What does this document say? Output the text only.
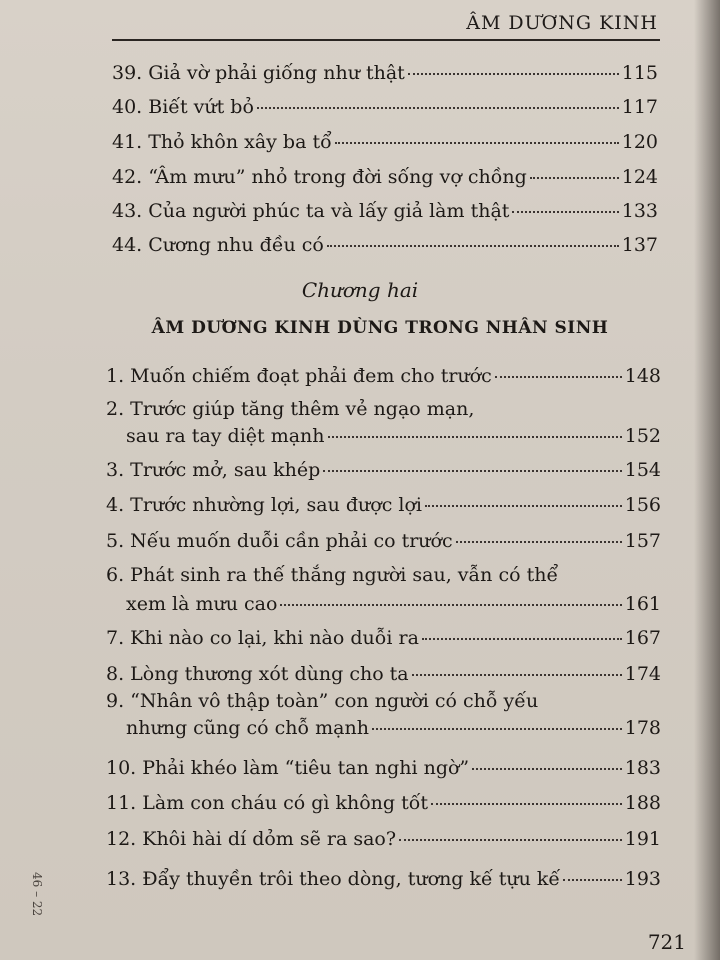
ÂM DƯƠNG KINH
39. Giả vờ phải giống như thật	115
40. Biết vứt bỏ	117
41. Thỏ khôn xây ba tổ	120
42. “Âm mưu” nhỏ trong đời sống vợ chồng	124
43. Của người phúc ta và lấy giả làm thật	133
44. Cương nhu đều có	137
Chương hai
ÂM DƯƠNG KINH DÙNG TRONG NHÂN SINH
1. Muốn chiếm đoạt phải đem cho trước	148
2. Trước giúp tăng thêm vẻ ngạo mạn,
sau ra tay diệt mạnh	152
3. Trước mở, sau khép	154
4. Trước nhường lợi, sau được lợi	156
5. Nếu muốn duỗi cần phải co trước	157
6. Phát sinh ra thế thắng người sau, vẫn có thể
xem là mưu cao	161
7. Khi nào co lại, khi nào duỗi ra	167
8. Lòng thương xót dùng cho ta	174
9. “Nhân vô thập toàn” con người có chỗ yếu
nhưng cũng có chỗ mạnh	178
10. Phải khéo làm “tiêu tan nghi ngờ”	183
11. Làm con cháu có gì không tốt	188
12. Khôi hài dí dỏm sẽ ra sao?	191
13. Đẩy thuyền trôi theo dòng, tương kế tựu kế	193
46 – 22
721
